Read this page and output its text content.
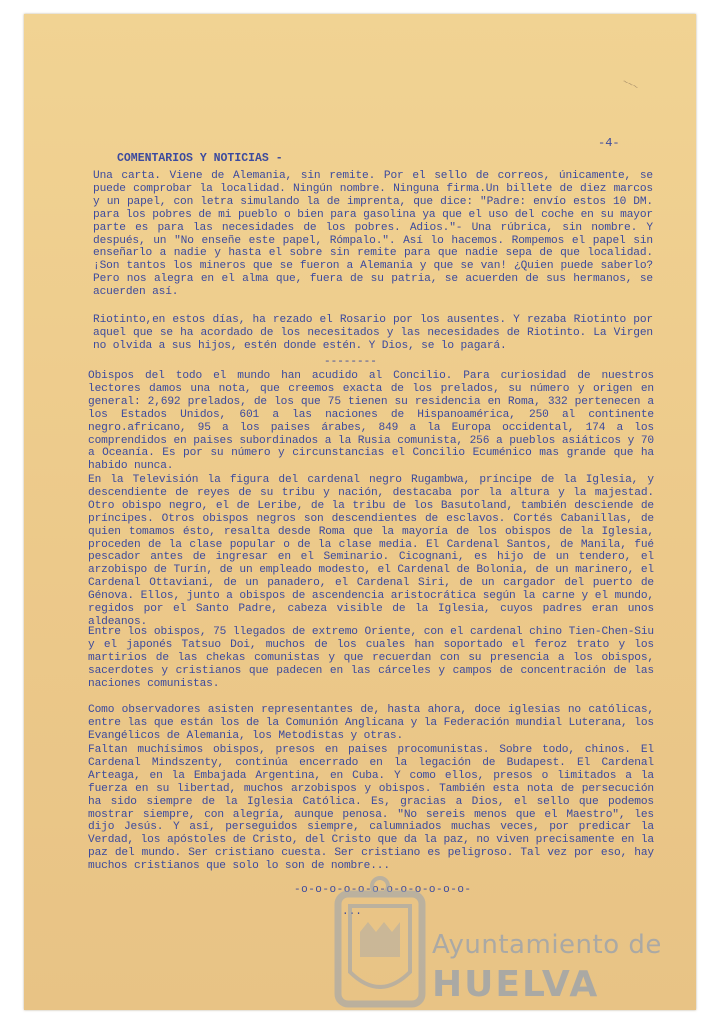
~~~
-4-
COMENTARIOS Y NOTICIAS -
Una carta. Viene de Alemania, sin remite. Por el sello de correos, únicamente, se puede comprobar la localidad. Ningún nombre. Ninguna firma.Un billete de diez marcos y un papel, con letra simulando la de imprenta, que dice: "Padre: envío estos 10 DM. para los pobres de mi pueblo o bien para gasolina ya que el uso del coche en su mayor parte es para las necesidades de los pobres. Adios."- Una rúbrica, sin nombre. Y después, un "No enseñe este papel, Rómpalo.". Así lo hacemos. Rompemos el papel sin enseñarlo a nadie y hasta el sobre sin remite para que nadie sepa de que localidad.¡Son tantos los mineros que se fueron a Alemania y que se van! ¿Quien puede saberlo? Pero nos alegra en el alma que, fuera de su patria, se acuerden de sus hermanos, se acuerden así.
Riotinto,en estos días, ha rezado el Rosario por los ausentes. Y rezaba Riotinto por aquel que se ha acordado de los necesitados y las necesidades de Riotinto. La Virgen no olvida a sus hijos, estén donde estén. Y Dios, se lo pagará.
--------
Obispos del todo el mundo han acudido al Concilio. Para curiosidad de nuestros lectores damos una nota, que creemos exacta de los prelados, su número y origen en general: 2,692 prelados, de los que 75 tienen su residencia en Roma, 332 pertenecen a los Estados Unidos, 601 a las naciones de Hispanoamérica, 250 al continente negro.africano, 95 a los paises árabes, 849 a la Europa occidental, 174 a los comprendidos en paises subordinados a la Rusia comunista, 256 a pueblos asiáticos y 70 a Oceanía. Es por su número y circunstancias el Concilio Ecuménico mas grande que ha habido nunca.
En la Televisión la figura del cardenal negro Rugambwa, príncipe de la Iglesia, y descendiente de reyes de su tribu y nación, destacaba por la altura y la majestad. Otro obispo negro, el de Leribe, de la tribu de los Basutoland, también desciende de príncipes. Otros obispos negros son descendientes de esclavos. Cortés Cabanillas, de quien tomamos ésto, resalta desde Roma que la mayoría de los obispos de la Iglesia, proceden de la clase popular o de la clase media. El Cardenal Santos, de Manila, fué pescador antes de ingresar en el Seminario. Cicognani, es hijo de un tendero, el arzobispo de Turín, de un empleado modesto, el Cardenal de Bolonia, de un marinero, el Cardenal Ottaviani, de un panadero, el Cardenal Siri, de un cargador del puerto de Génova. Ellos, junto a obispos de ascendencia aristocrática según la carne y el mundo, regidos por el Santo Padre, cabeza visible de la Iglesia, cuyos padres eran unos aldeanos.
Entre los obispos, 75 llegados de extremo Oriente, con el cardenal chino Tien-Chen-Siu y el japonés Tatsuo Doi, muchos de los cuales han soportado el feroz trato y los martirios de las chekas comunistas y que recuerdan con su presencia a los obispos, sacerdotes y cristianos que padecen en las cárceles y campos de concentración de las naciones comunistas.
Como observadores asisten representantes de, hasta ahora, doce iglesias no católicas, entre las que están los de la Comunión Anglicana y la Federación mundial Luterana, los Evangélicos de Alemania, los Metodistas y otras.
Faltan muchísimos obispos, presos en paises procomunistas. Sobre todo, chinos. El Cardenal Mindszenty, continúa encerrado en la legación de Budapest. El Cardenal Arteaga, en la Embajada Argentina, en Cuba. Y como ellos, presos o limitados a la fuerza en su libertad, muchos arzobispos y obispos. También esta nota de persecución ha sido siempre de la Iglesia Católica. Es, gracias a Dios, el sello que podemos mostrar siempre, con alegría, aunque penosa. "No sereis menos que el Maestro", les dijo Jesús. Y así, perseguidos siempre, calumniados muchas veces, por predicar la Verdad, los apóstoles de Cristo, del Cristo que da la paz, no viven precisamente en la paz del mundo. Ser cristiano cuesta. Ser cristiano es peligroso. Tal vez por eso, hay muchos cristianos que solo lo son de nombre...
-o-o-o-o-o-o-o-o-o-o-o-o-
...
Ayuntamiento de
HUELVA
